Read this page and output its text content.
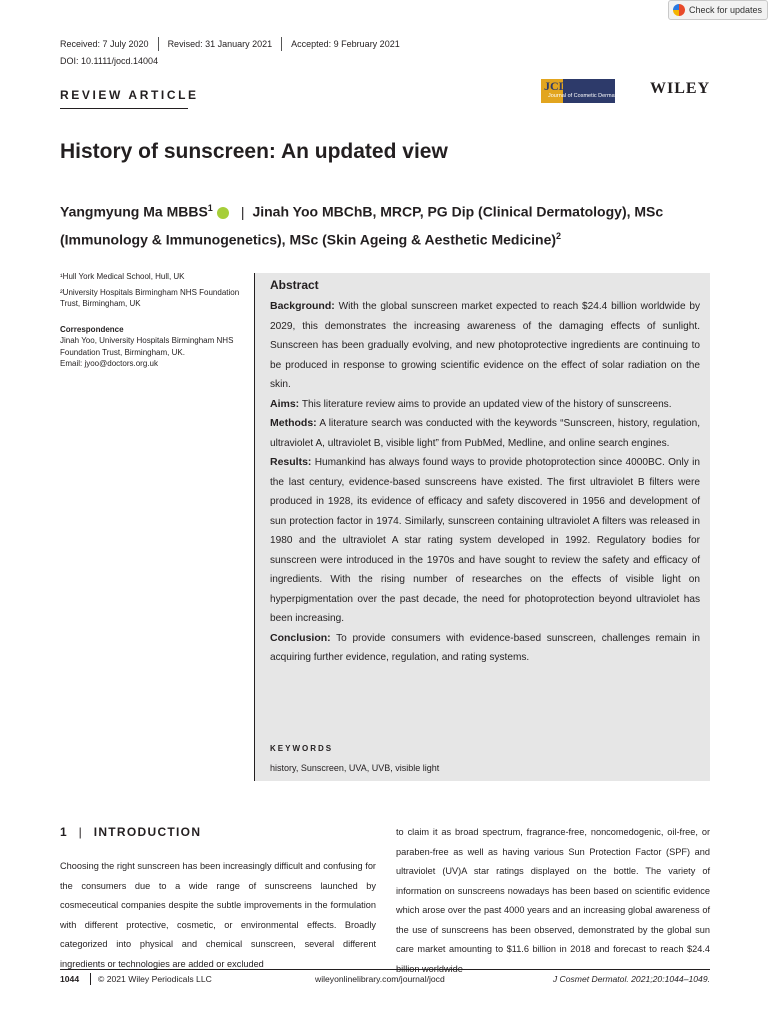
Check for updates
Received: 7 July 2020 Revised: 31 January 2021 Accepted: 9 February 2021
DOI: 10.1111/jocd.14004
REVIEW ARTICLE
JCD
Journal of Cosmetic Dermatology WILEY
History of sunscreen: An updated view
Yangmyung Ma MBBS$^1$ | Jinah Yoo MBChB, MRCP, PG Dip (Clinical Dermatology), MSc
(Immunology & Immunogenetics), MSc (Skin Ageing & Aesthetic Medicine)$^2$

¹Hull York Medical School, Hull, UK

²University Hospitals Birmingham NHS Foundation Trust, Birmingham, UK

Correspondence

Jinah Yoo, University Hospitals Birmingham NHS Foundation Trust, Birmingham, UK.

Email: jyoo@doctors.org.uk

Abstract

Background: With the global sunscreen market expected to reach $24.4 billion worldwide by 2029, this demonstrates the increasing awareness of the damaging effects of sunlight. Sunscreen has been gradually evolving, and new photoprotective ingredients are continuing to be produced in response to growing scientific evidence on the effect of solar radiation on the skin.

Aims: This literature review aims to provide an updated view of the history of sunscreens.

Methods: A literature search was conducted with the keywords “Sunscreen, history, regulation, ultraviolet A, ultraviolet B, visible light” from PubMed, Medline, and online search engines.

Results: Humankind has always found ways to provide photoprotection since 4000BC. Only in the last century, evidence-based sunscreens have existed. The first ultraviolet B filters were produced in 1928, its evidence of efficacy and safety discovered in 1956 and development of sun protection factor in 1974. Similarly, sunscreen containing ultraviolet A filters was released in 1980 and the ultraviolet A star rating system developed in 1992. Regulatory bodies for sunscreen were introduced in the 1970s and have sought to review the safety and efficacy of ingredients. With the rising number of researches on the effects of visible light on hyperpigmentation over the past decade, the need for photoprotection beyond ultraviolet has been increasing.

Conclusion: To provide consumers with evidence-based sunscreen, challenges remain in acquiring further evidence, regulation, and rating systems.

KEYWORDS
history, Sunscreen, UVA, UVB, visible light
1 | INTRODUCTION
Choosing the right sunscreen has been increasingly difficult and confusing for the consumers due to a wide range of sunscreens launched by cosmeceutical companies despite the subtle improvements in the formulation with different protective, cosmetic, or environmental effects. Broadly categorized into physical and chemical sunscreen, several different ingredients or technologies are added or excluded
to claim it as broad spectrum, fragrance-free, noncomedogenic, oil-free, or paraben-free as well as having various Sun Protection Factor (SPF) and ultraviolet (UV)A star ratings displayed on the bottle. The variety of information on sunscreens nowadays has been based on scientific evidence which arose over the past 4000 years and an increasing global awareness of the use of sunscreens has been observed, demonstrated by the global sun care market amounting to $11.6 billion in 2018 and forecast to reach $24.4
1044 © 2021 Wiley Periodicals LLC	wileyonlinelibrary.com/journal/jocd	J Cosmet Dermatol. 2021;20:1044–1049.
